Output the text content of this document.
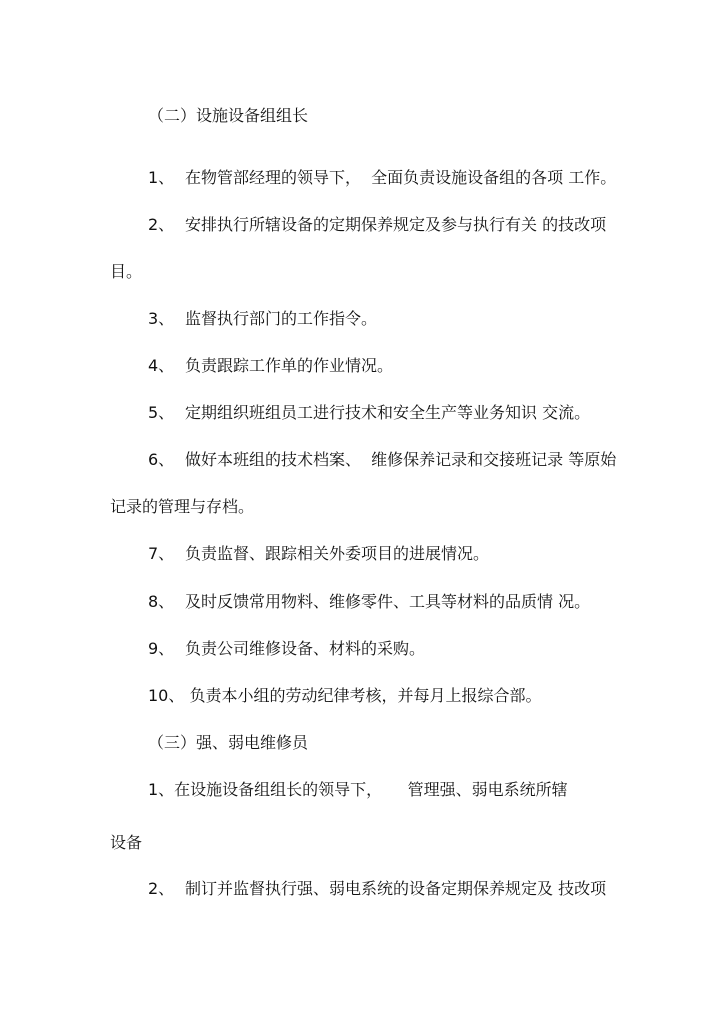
（二）设施设备组组长
1、 在物管部经理的领导下，  全面负责设施设备组的各项 工作。
2、 安排执行所辖设备的定期保养规定及参与执行有关 的技改项
目。
3、 监督执行部门的工作指令。
4、 负责跟踪工作单的作业情况。
5、 定期组织班组员工进行技术和安全生产等业务知识 交流。
6、 做好本班组的技术档案、  维修保养记录和交接班记录 等原始
记录的管理与存档。
7、 负责监督、跟踪相关外委项目的进展情况。
8、 及时反馈常用物料、维修零件、工具等材料的品质情 况。
9、 负责公司维修设备、材料的采购。
10、 负责本小组的劳动纪律考核，并每月上报综合部。
（三）强、弱电维修员
1、在设施设备组组长的领导下，     管理强、弱电系统所辖
设备
2、 制订并监督执行强、弱电系统的设备定期保养规定及 技改项
